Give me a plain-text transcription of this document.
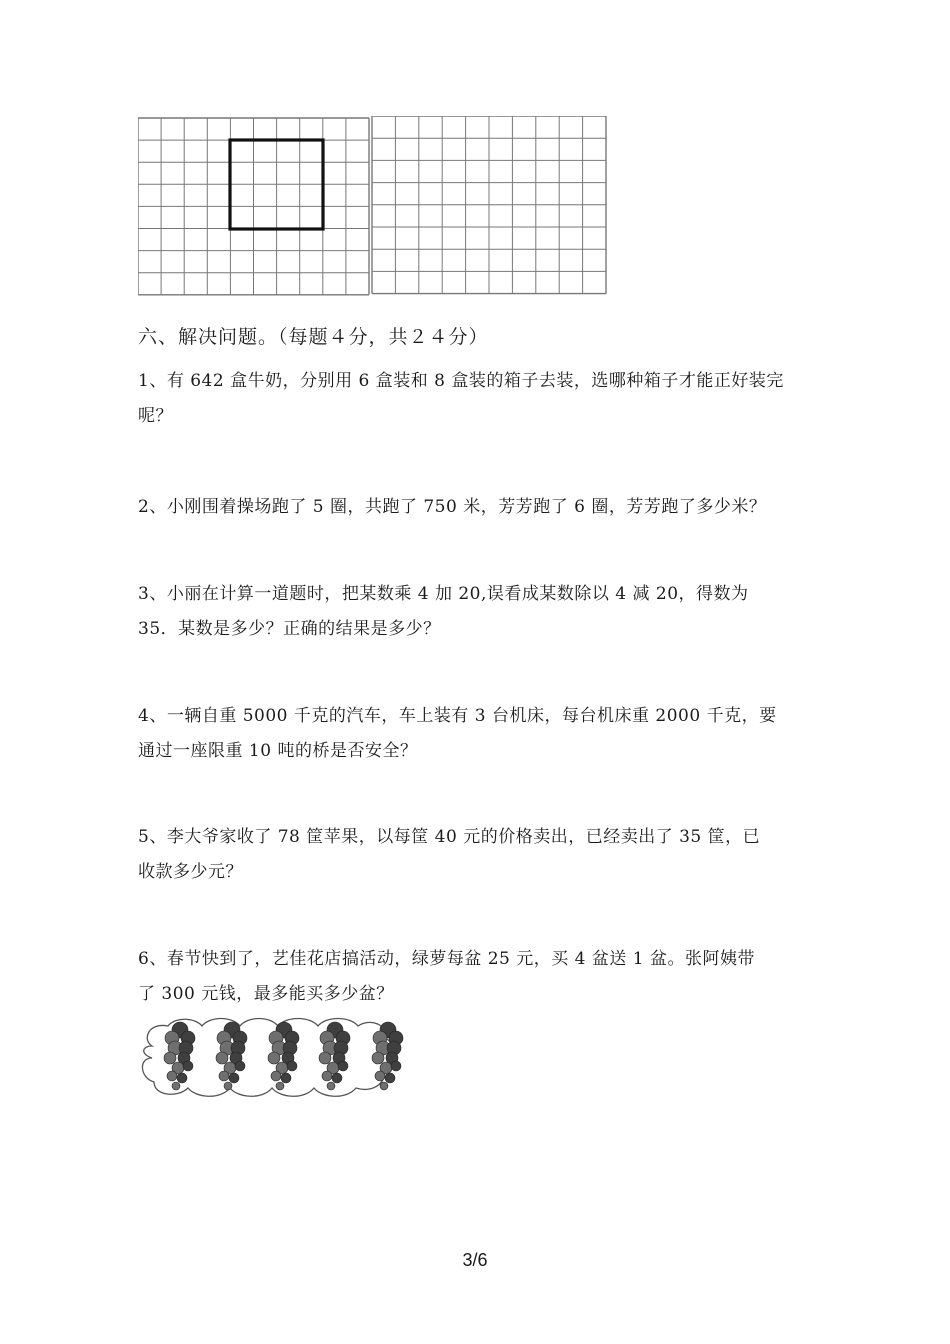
六、解决问题。（每题４分，共２４分）
1、有 642 盒牛奶，分别用 6 盒装和 8 盒装的箱子去装，选哪种箱子才能正好装完
呢？
2、小刚围着操场跑了 5 圈，共跑了 750 米，芳芳跑了 6 圈，芳芳跑了多少米？
3、小丽在计算一道题时，把某数乘 4 加 20,误看成某数除以 4 减 20，得数为
35．某数是多少？正确的结果是多少？
4、一辆自重 5000 千克的汽车，车上装有 3 台机床，每台机床重 2000 千克，要
通过一座限重 10 吨的桥是否安全？
5、李大爷家收了 78 筐苹果，以每筐 40 元的价格卖出，已经卖出了 35 筐，已
收款多少元？
6、春节快到了，艺佳花店搞活动，绿萝每盆 25 元，买 4 盆送 1 盆。张阿姨带
了 300 元钱，最多能买多少盆？
3/6
